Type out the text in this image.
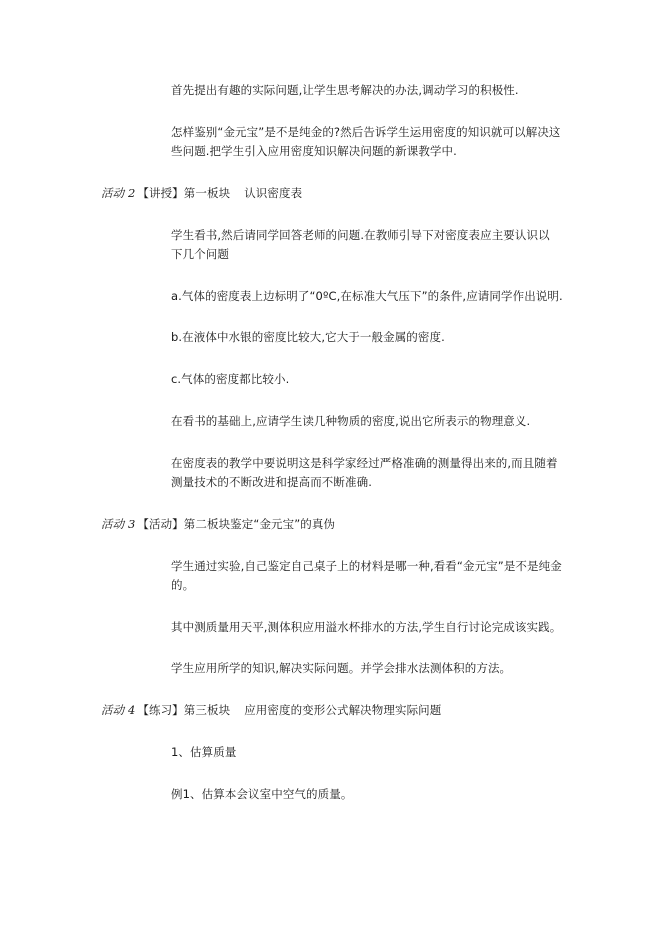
首先提出有趣的实际问题,让学生思考解决的办法,调动学习的积极性.
怎样鉴别“金元宝”是不是纯金的?然后告诉学生运用密度的知识就可以解决这
些问题.把学生引入应用密度知识解决问题的新课教学中.
活动 2 【讲授】第一板块 认识密度表
学生看书,然后请同学回答老师的问题.在教师引导下对密度表应主要认识以
下几个问题
a.气体的密度表上边标明了“0ºC,在标准大气压下”的条件,应请同学作出说明.
b.在液体中水银的密度比较大,它大于一般金属的密度.
c.气体的密度都比较小.
在看书的基础上,应请学生读几种物质的密度,说出它所表示的物理意义.
在密度表的教学中要说明这是科学家经过严格准确的测量得出来的,而且随着
测量技术的不断改进和提高而不断准确.
活动 3 【活动】第二板块鉴定“金元宝”的真伪
学生通过实验,自己鉴定自己桌子上的材料是哪一种,看看“金元宝”是不是纯金
的。
其中测质量用天平,测体积应用溢水杯排水的方法,学生自行讨论完成该实践。
学生应用所学的知识,解决实际问题。并学会排水法测体积的方法。
活动 4 【练习】第三板块 应用密度的变形公式解决物理实际问题
1、估算质量
例1、估算本会议室中空气的质量。
